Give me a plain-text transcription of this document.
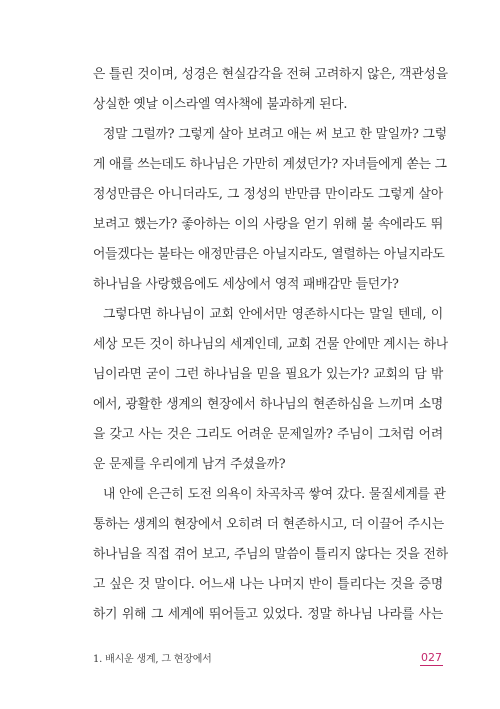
은 틀린 것이며, 성경은 현실감각을 전혀 고려하지 않은, 객관성을
상실한 옛날 이스라엘 역사책에 불과하게 된다.
정말 그럴까? 그렇게 살아 보려고 애는 써 보고 한 말일까? 그렇
게 애를 쓰는데도 하나님은 가만히 계셨던가? 자녀들에게 쏟는 그
정성만큼은 아니더라도, 그 정성의 반만큼 만이라도 그렇게 살아
보려고 했는가? 좋아하는 이의 사랑을 얻기 위해 불 속에라도 뛰
어들겠다는 불타는 애정만큼은 아닐지라도, 열렬하는 아닐지라도
하나님을 사랑했음에도 세상에서 영적 패배감만 들던가?
그렇다면 하나님이 교회 안에서만 영존하시다는 말일 텐데, 이
세상 모든 것이 하나님의 세계인데, 교회 건물 안에만 계시는 하나
님이라면 굳이 그런 하나님을 믿을 필요가 있는가? 교회의 담 밖
에서, 광활한 생계의 현장에서 하나님의 현존하심을 느끼며 소명
을 갖고 사는 것은 그리도 어려운 문제일까? 주님이 그처럼 어려
운 문제를 우리에게 남겨 주셨을까?
내 안에 은근히 도전 의욕이 차곡차곡 쌓여 갔다. 물질세계를 관
통하는 생계의 현장에서 오히려 더 현존하시고, 더 이끌어 주시는
하나님을 직접 겪어 보고, 주님의 말씀이 틀리지 않다는 것을 전하
고 싶은 것 말이다. 어느새 나는 나머지 반이 틀리다는 것을 증명
하기 위해 그 세계에 뛰어들고 있었다. 정말 하나님 나라를 사는
1. 배시운 생계, 그 현장에서	027
